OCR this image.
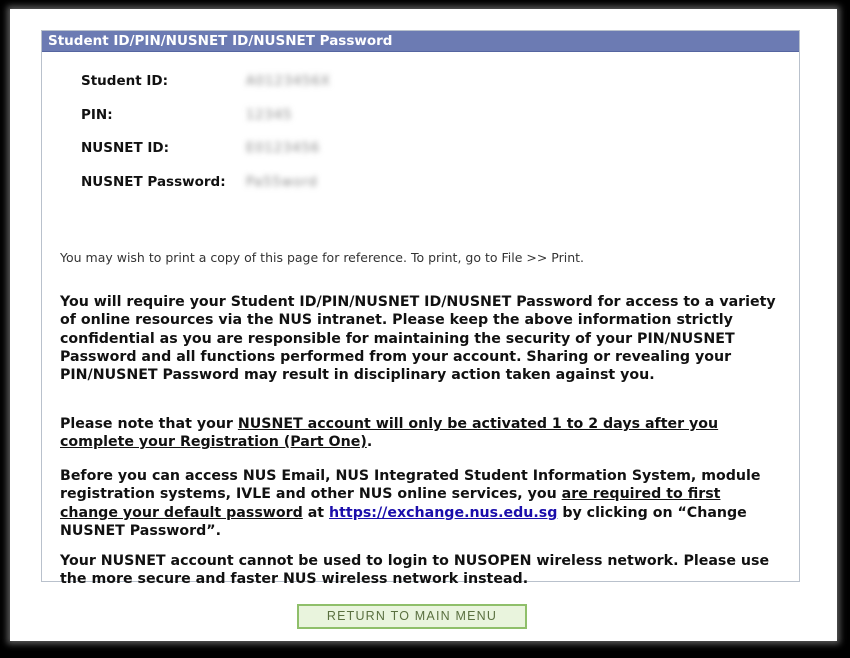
Student ID/PIN/NUSNET ID/NUSNET Password
Student ID:	A0123456X
PIN:	12345
NUSNET ID:	E0123456
NUSNET Password: Pa55word
You may wish to print a copy of this page for reference. To print, go to File >> Print.
You will require your Student ID/PIN/NUSNET ID/NUSNET Password for access to a variety of online resources via the NUS intranet. Please keep the above information strictly confidential as you are responsible for maintaining the security of your PIN/NUSNET Password and all functions performed from your account. Sharing or revealing your PIN/NUSNET Password may result in disciplinary action taken against you.
Please note that your NUSNET account will only be activated 1 to 2 days after you complete your Registration (Part One).
Before you can access NUS Email, NUS Integrated Student Information System, module registration systems, IVLE and other NUS online services, you are required to first change your default password at https://exchange.nus.edu.sg by clicking on “Change NUSNET Password”.
Your NUSNET account cannot be used to login to NUSOPEN wireless network. Please use the more secure and faster NUS wireless network instead.
RETURN TO MAIN MENU
